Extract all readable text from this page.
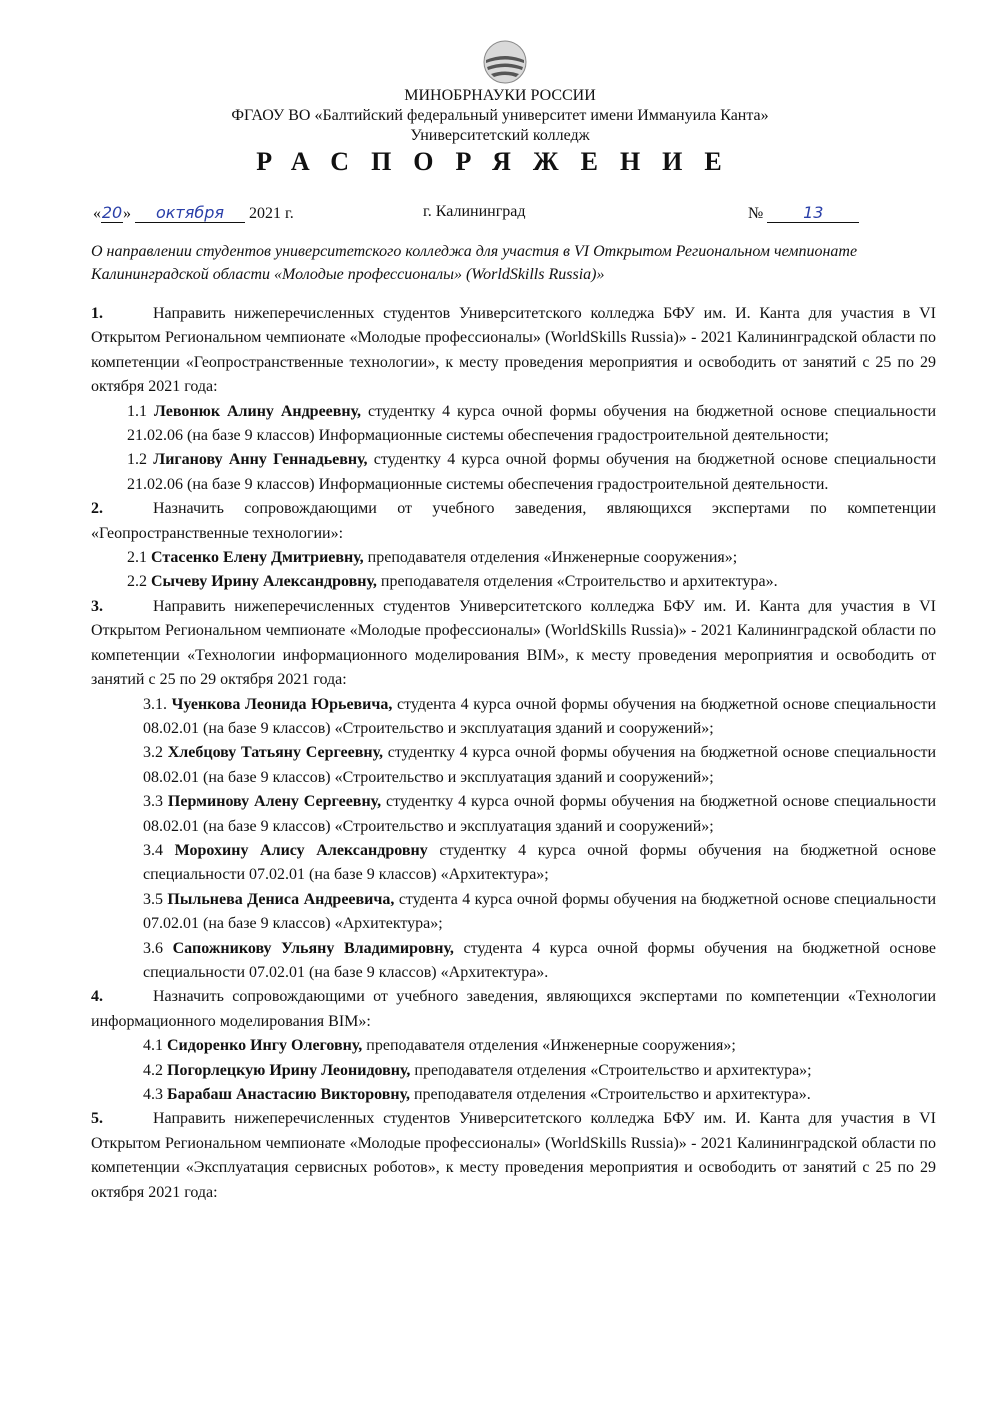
МИНОБРНАУКИ РОССИИ
ФГАОУ ВО «Балтийский федеральный университет имени Иммануила Канта»
Университетский колледж
РАСПОРЯЖЕНИЕ
«20» октября 2021 г.	г. Калининград	№ 13
О направлении студентов университетского колледжа для участия в VI Открытом Региональном чемпионате Калининградской области «Молодые профессионалы» (WorldSkills Russia)»

1.	Направить нижеперечисленных студентов Университетского колледжа БФУ им. И. Канта для участия в VI Открытом Региональном чемпионате «Молодые профессионалы» (WorldSkills Russia)» - 2021 Калининградской области по компетенции «Геопространственные технологии», к месту проведения мероприятия и освободить от занятий с 25 по 29 октября 2021 года:

1.1 Левонюк Алину Андреевну, студентку 4 курса очной формы обучения на бюджетной основе специальности 21.02.06 (на базе 9 классов) Информационные системы обеспечения градостроительной деятельности;

1.2 Лиганову Анну Геннадьевну, студентку 4 курса очной формы обучения на бюджетной основе специальности 21.02.06 (на базе 9 классов) Информационные системы обеспечения градостроительной деятельности.

2.	Назначить сопровождающими от учебного заведения, являющихся экспертами по компетенции «Геопространственные технологии»:

2.1 Стасенко Елену Дмитриевну, преподавателя отделения «Инженерные сооружения»;

2.2 Сычеву Ирину Александровну, преподавателя отделения «Строительство и архитектура».

3.	Направить нижеперечисленных студентов Университетского колледжа БФУ им. И. Канта для участия в VI Открытом Региональном чемпионате «Молодые профессионалы» (WorldSkills Russia)» - 2021 Калининградской области по компетенции «Технологии информационного моделирования BIM», к месту проведения мероприятия и освободить от занятий с 25 по 29 октября 2021 года:

3.1. Чуенкова Леонида Юрьевича, студента 4 курса очной формы обучения на бюджетной основе специальности 08.02.01 (на базе 9 классов) «Строительство и эксплуатация зданий и сооружений»;

3.2 Хлебцову Татьяну Сергеевну, студентку 4 курса очной формы обучения на бюджетной основе специальности 08.02.01 (на базе 9 классов) «Строительство и эксплуатация зданий и сооружений»;

3.3 Перминову Алену Сергеевну, студентку 4 курса очной формы обучения на бюджетной основе специальности 08.02.01 (на базе 9 классов) «Строительство и эксплуатация зданий и сооружений»;

3.4 Морохину Алису Александровну студентку 4 курса очной формы обучения на бюджетной основе специальности 07.02.01 (на базе 9 классов) «Архитектура»;

3.5 Пыльнева Дениса Андреевича, студента 4 курса очной формы обучения на бюджетной основе специальности 07.02.01 (на базе 9 классов) «Архитектура»;

3.6 Сапожникову Ульяну Владимировну, студента 4 курса очной формы обучения на бюджетной основе специальности 07.02.01 (на базе 9 классов) «Архитектура».

4.	Назначить сопровождающими от учебного заведения, являющихся экспертами по компетенции «Технологии информационного моделирования BIM»:

4.1 Сидоренко Ингу Олеговну, преподавателя отделения «Инженерные сооружения»;

4.2 Погорлецкую Ирину Леонидовну, преподавателя отделения «Строительство и архитектура»;

4.3 Барабаш Анастасию Викторовну, преподавателя отделения «Строительство и архитектура».

5.	Направить нижеперечисленных студентов Университетского колледжа БФУ им. И. Канта для участия в VI Открытом Региональном чемпионате «Молодые профессионалы» (WorldSkills Russia)» - 2021 Калининградской области по компетенции «Эксплуатация сервисных роботов», к месту проведения мероприятия и освободить от занятий с 25 по 29 октября 2021 года:
